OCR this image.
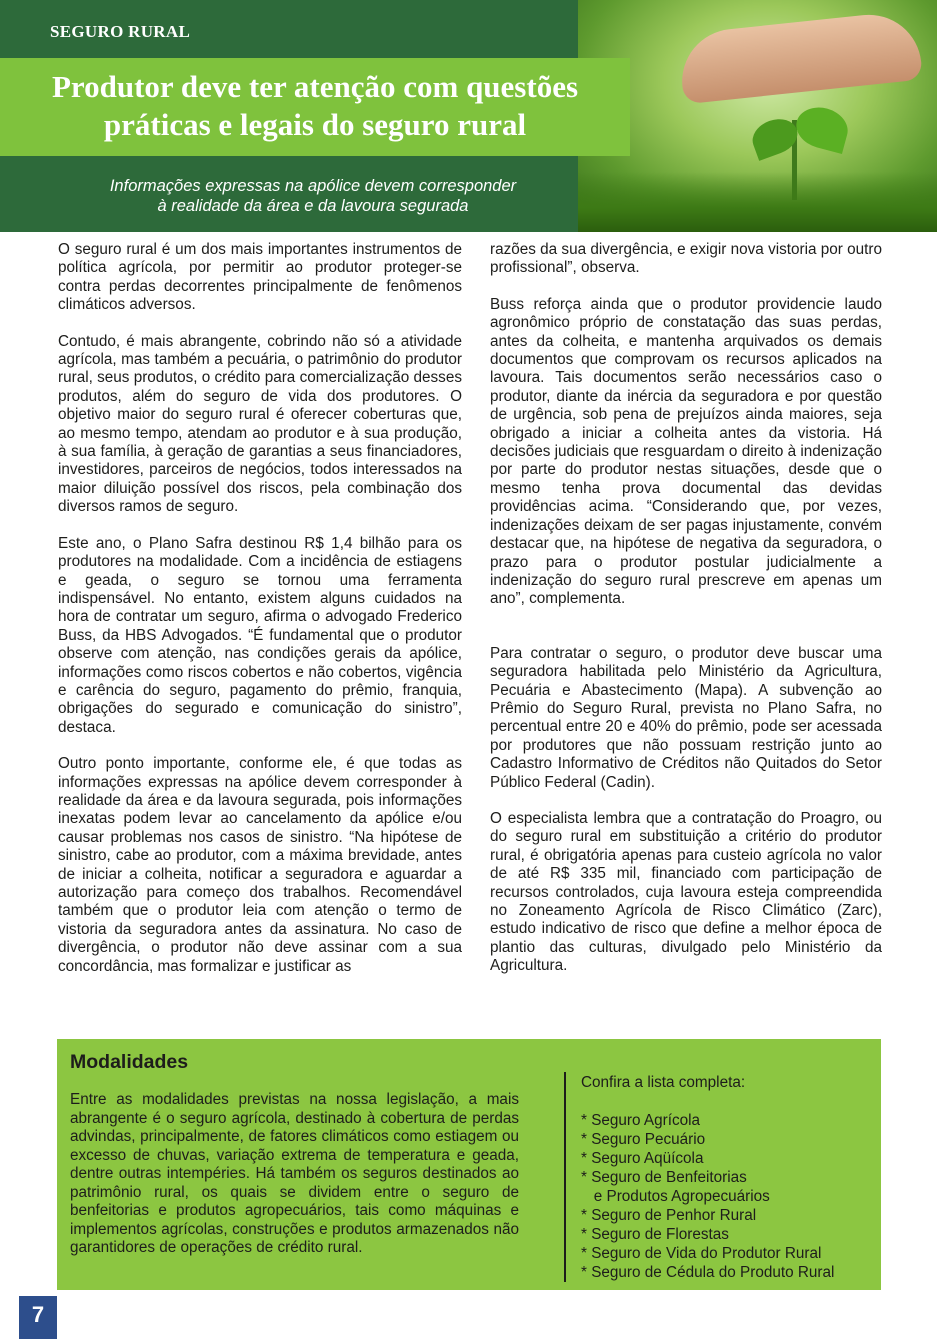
SEGURO RURAL
Produtor deve ter atenção com questões
práticas e legais do seguro rural
Informações expressas na apólice devem corresponder
à realidade da área e da lavoura segurada

O seguro rural é um dos mais importantes instrumentos de política agrícola, por permitir ao produtor proteger-se contra perdas decorrentes principalmente de fenômenos climáticos adversos.

Contudo, é mais abrangente, cobrindo não só a atividade agrícola, mas também a pecuária, o patrimônio do produtor rural, seus produtos, o crédito para comercialização desses produtos, além do seguro de vida dos produtores. O objetivo maior do seguro rural é oferecer coberturas que, ao mesmo tempo, atendam ao produtor e à sua produção, à sua família, à geração de garantias a seus financiadores, investidores, parceiros de negócios, todos interessados na maior diluição possível dos riscos, pela combinação dos diversos ramos de seguro.

Este ano, o Plano Safra destinou R$ 1,4 bilhão para os produtores na modalidade. Com a incidência de estiagens e geada, o seguro se tornou uma ferramenta indispensável. No entanto, existem alguns cuidados na hora de contratar um seguro, afirma o advogado Frederico Buss, da HBS Advogados. “É fundamental que o produtor observe com atenção, nas condições gerais da apólice, informações como riscos cobertos e não cobertos, vigência e carência do seguro, pagamento do prêmio, franquia, obrigações do segurado e comunicação do sinistro”, destaca.

Outro ponto importante, conforme ele, é que todas as informações expressas na apólice devem corresponder à realidade da área e da lavoura segurada, pois informações inexatas podem levar ao cancelamento da apólice e/ou causar problemas nos casos de sinistro. “Na hipótese de sinistro, cabe ao produtor, com a máxima brevidade, antes de iniciar a colheita, notificar a seguradora e aguardar a autorização para começo dos trabalhos. Recomendável também que o produtor leia com atenção o termo de vistoria da seguradora antes da assinatura. No caso de divergência, o produtor não deve assinar com a sua concordância, mas formalizar e justificar as

razões da sua divergência, e exigir nova vistoria por outro profissional”, observa.

Buss reforça ainda que o produtor providencie laudo agronômico próprio de constatação das suas perdas, antes da colheita, e mantenha arquivados os demais documentos que comprovam os recursos aplicados na lavoura. Tais documentos serão necessários caso o produtor, diante da inércia da seguradora e por questão de urgência, sob pena de prejuízos ainda maiores, seja obrigado a iniciar a colheita antes da vistoria. Há decisões judiciais que resguardam o direito à indenização por parte do produtor nestas situações, desde que o mesmo tenha prova documental das devidas providências acima. “Considerando que, por vezes, indenizações deixam de ser pagas injustamente, convém destacar que, na hipótese de negativa da seguradora, o prazo para o produtor postular judicialmente a indenização do seguro rural prescreve em apenas um ano”, complementa.

Para contratar o seguro, o produtor deve buscar uma seguradora habilitada pelo Ministério da Agricultura, Pecuária e Abastecimento (Mapa). A subvenção ao Prêmio do Seguro Rural, prevista no Plano Safra, no percentual entre 20 e 40% do prêmio, pode ser acessada por produtores que não possuam restrição junto ao Cadastro Informativo de Créditos não Quitados do Setor Público Federal (Cadin).

O especialista lembra que a contratação do Proagro, ou do seguro rural em substituição a critério do produtor rural, é obrigatória apenas para custeio agrícola no valor de até R$ 335 mil, financiado com participação de recursos controlados, cuja lavoura esteja compreendida no Zoneamento Agrícola de Risco Climático (Zarc), estudo indicativo de risco que define a melhor época de plantio das culturas, divulgado pelo Ministério da Agricultura.

Modalidades
Entre as modalidades previstas na nossa legislação, a mais abrangente é o seguro agrícola, destinado à cobertura de perdas advindas, principalmente, de fatores climáticos como estiagem ou excesso de chuvas, variação extrema de temperatura e geada, dentre outras intempéries. Há também os seguros destinados ao patrimônio rural, os quais se dividem entre o seguro de benfeitorias e produtos agropecuários, tais como máquinas e implementos agrícolas, construções e produtos armazenados não garantidores de operações de crédito rural.
Confira a lista completa:
* Seguro Agrícola
* Seguro Pecuário
* Seguro Aqüícola
* Seguro de Benfeitorias
e Produtos Agropecuários
* Seguro de Penhor Rural
* Seguro de Florestas
* Seguro de Vida do Produtor Rural
* Seguro de Cédula do Produto Rural
7
